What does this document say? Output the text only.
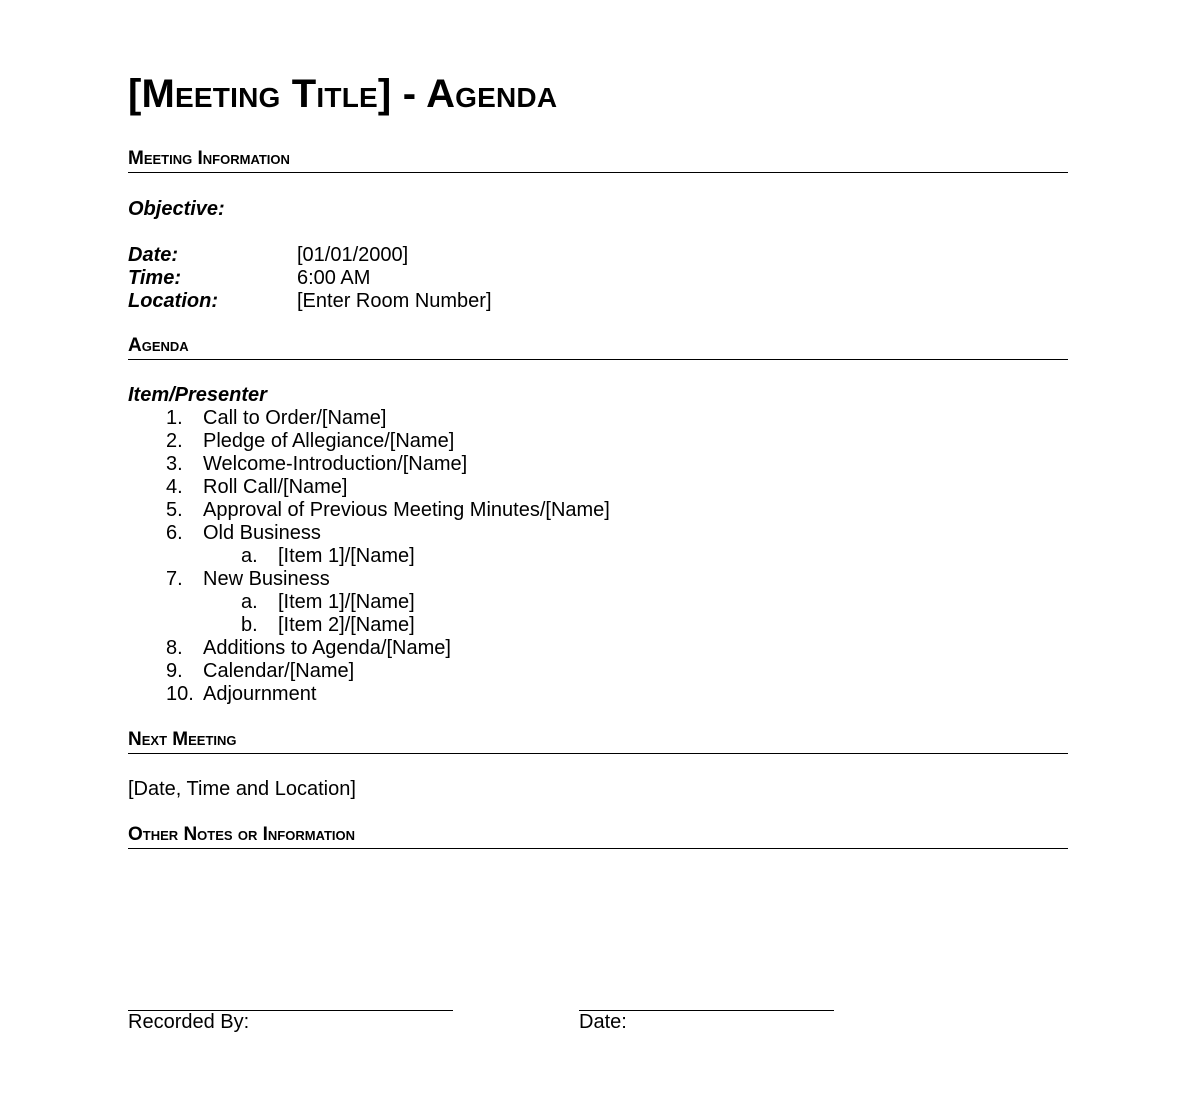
[Meeting Title] - Agenda
Meeting Information
Objective:
Date:	[01/01/2000]
Time:	6:00 AM
Location:	[Enter Room Number]
Agenda
Item/Presenter
1. Call to Order/[Name]
2. Pledge of Allegiance/[Name]
3. Welcome-Introduction/[Name]
4. Roll Call/[Name]
5. Approval of Previous Meeting Minutes/[Name]
6. Old Business
a. [Item 1]/[Name]
7. New Business
a. [Item 1]/[Name]
b. [Item 2]/[Name]
8. Additions to Agenda/[Name]
9. Calendar/[Name]
10. Adjournment
Next Meeting
[Date, Time and Location]
Other Notes or Information
Recorded By:	Date:
